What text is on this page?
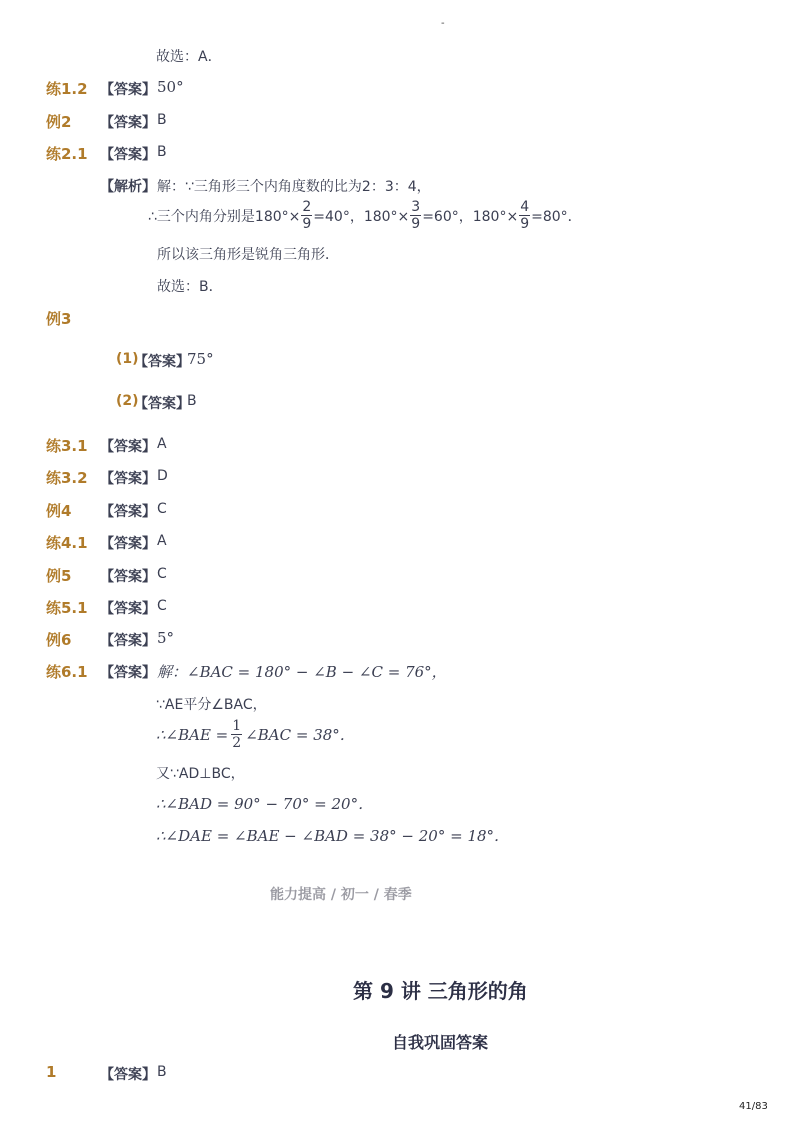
-
故选：A．
练1.2 【答案】 50°
例2 【答案】 B
练2.1 【答案】 B
【解析】 解：∵三角形三个内角度数的比为2：3：4，
∴三个内角分别是$180^\circ\times \frac{2}{9} =40^\circ$，$180^\circ\times \frac{3}{9} =60^\circ$，$180^\circ\times \frac{4}{9} =80^\circ$．
所以该三角形是锐角三角形．
故选：B．
例3
(1)
【答案】
75°
(2)
【答案】
B
练3.1 【答案】 A
练3.2 【答案】 D
例4 【答案】 C
练4.1 【答案】 A
例5 【答案】 C
练5.1 【答案】 C
例6 【答案】 5°
练6.1 【答案】 解：∠BAC = 180° − ∠B − ∠C = 76°，
∵AE平分∠BAC，
∴∠BAE = $\frac{1}{2}$ ∠BAC = 38°．
又∵AD⊥BC，
∴∠BAD = 90° − 70° = 20°．
∴∠DAE = ∠BAE − ∠BAD = 38° − 20° = 18°．
能力提高 / 初一 / 春季
第 9 讲 三角形的角
自我巩固答案
1	【答案】 B
41/83
